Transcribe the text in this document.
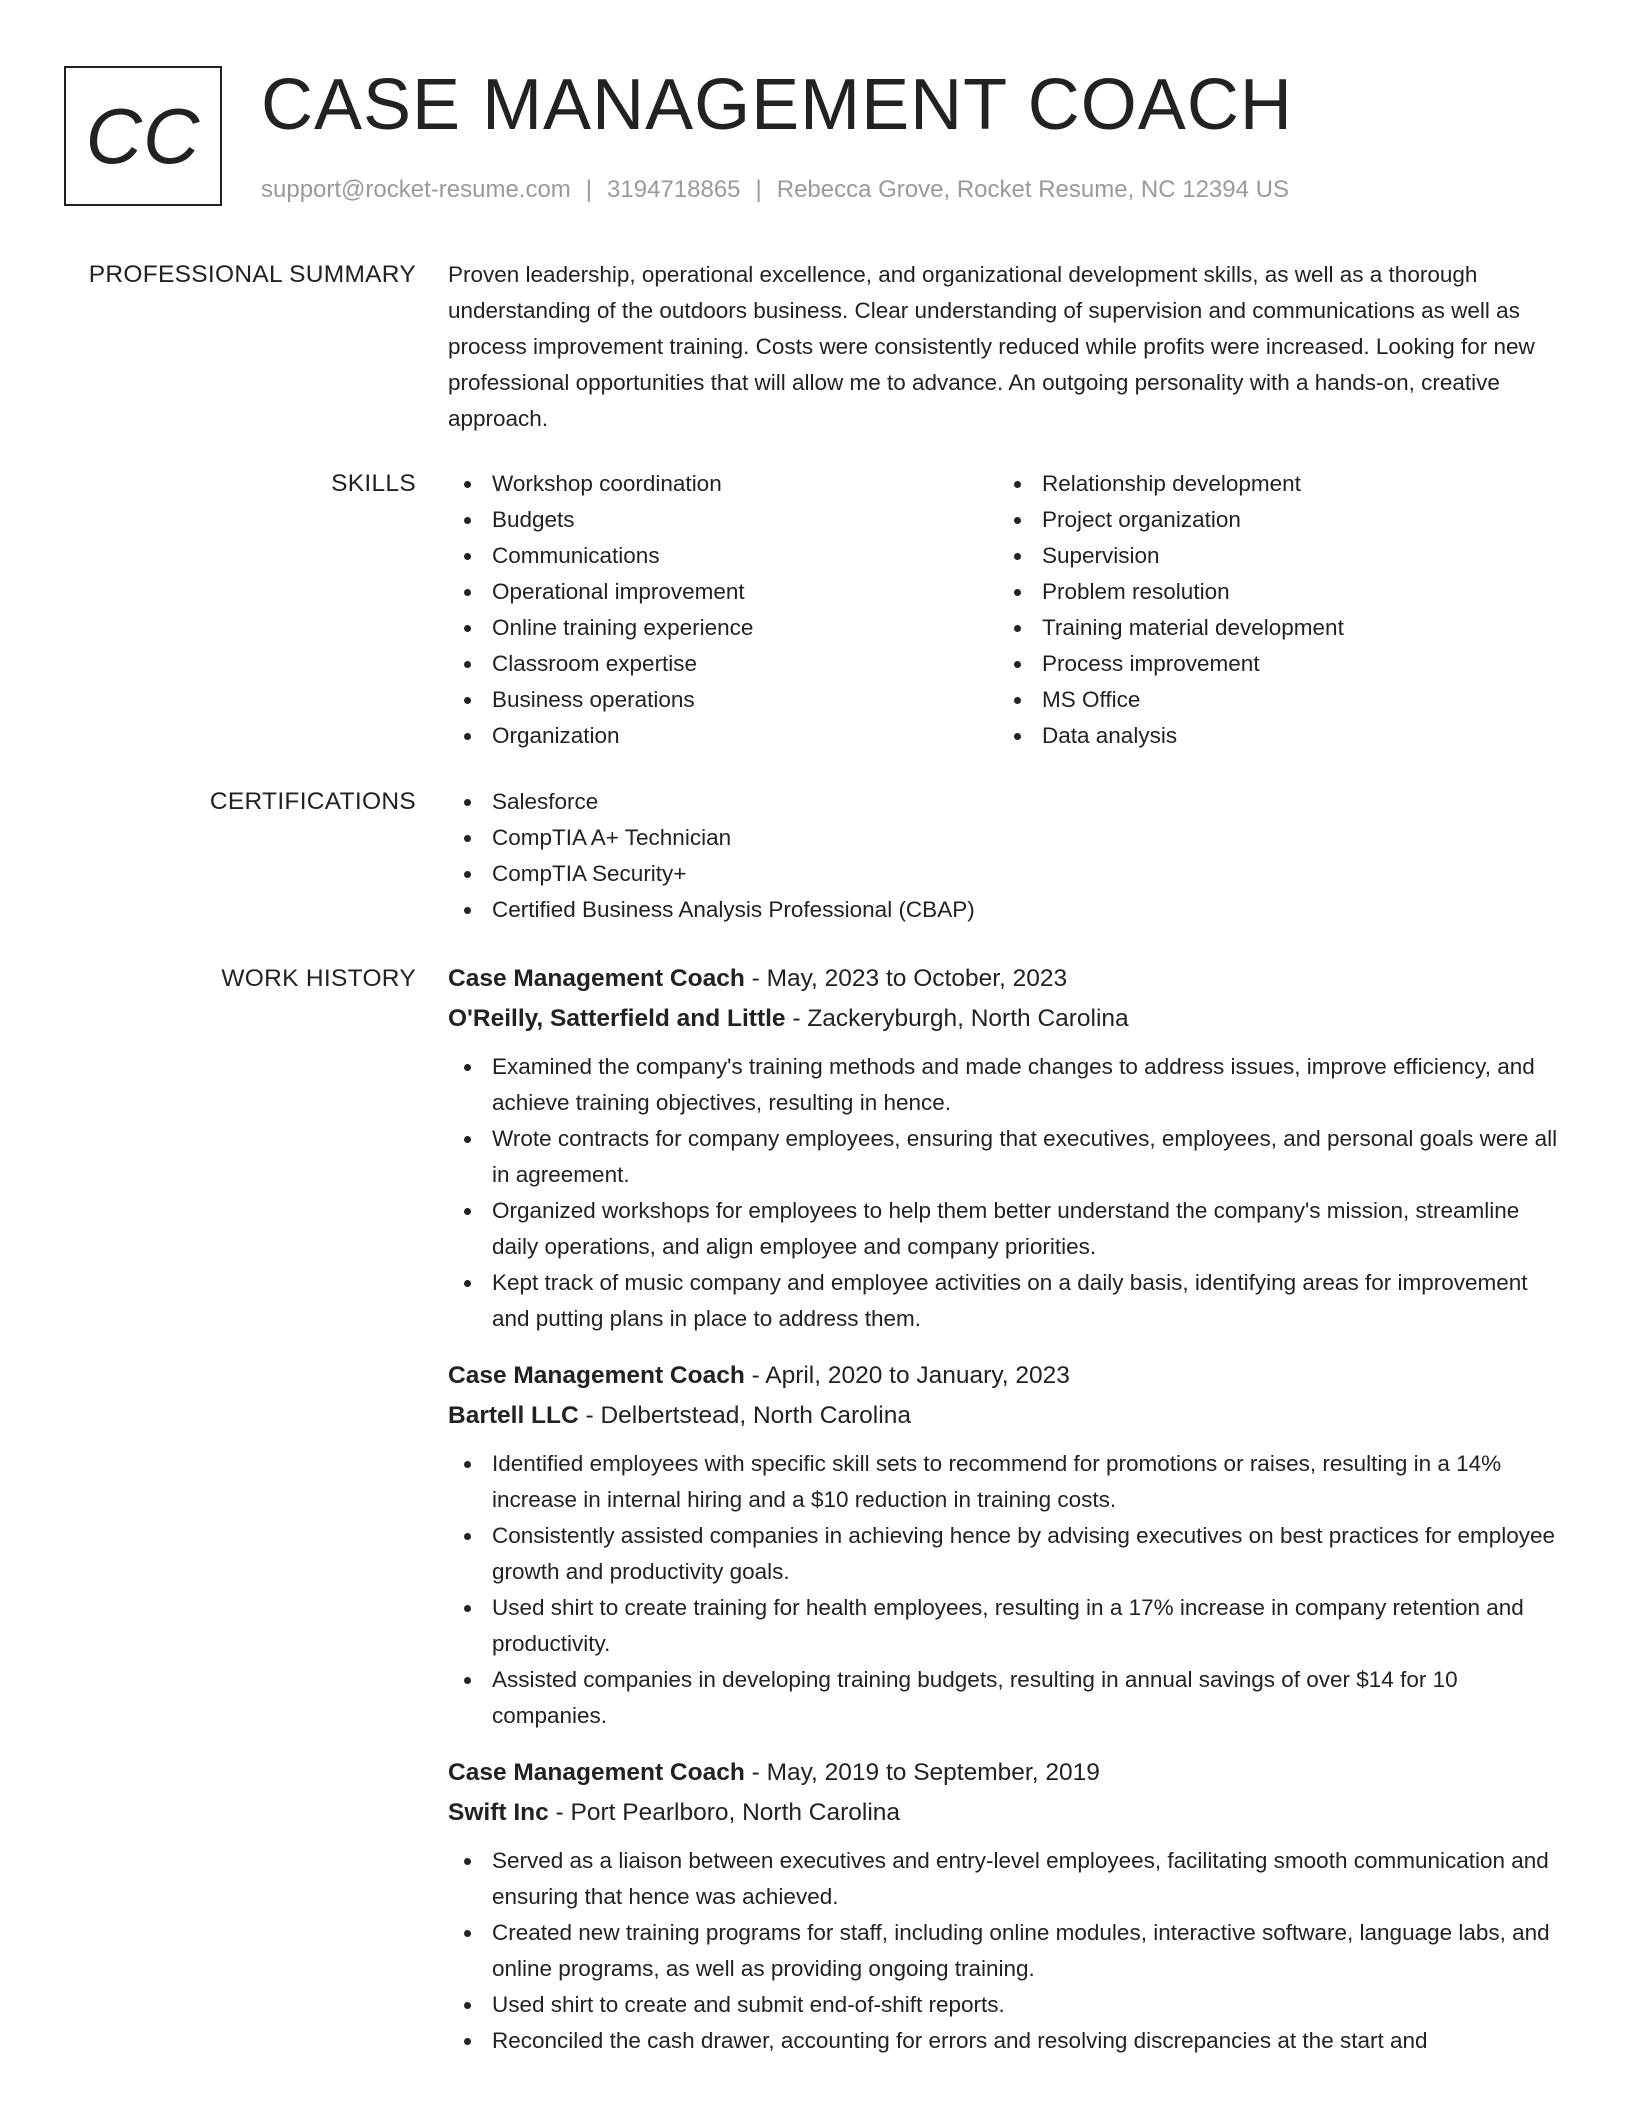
CC CASE MANAGEMENT COACH
support@rocket-resume.com | 3194718865 | Rebecca Grove, Rocket Resume, NC 12394 US
PROFESSIONAL SUMMARY Proven leadership, operational excellence, and organizational development skills, as well as a thorough understanding of the outdoors business. Clear understanding of supervision and communications as well as process improvement training. Costs were consistently reduced while profits were increased. Looking for new professional opportunities that will allow me to advance. An outgoing personality with a hands-on, creative approach.
SKILLS	Workshop coordination
Budgets
Communications
Operational improvement
Online training experience
Classroom expertise
Business operations
Organization
Relationship development
Project organization
Supervision
Problem resolution
Training material development
Process improvement
MS Office
Data analysis
CERTIFICATIONS	Salesforce
CompTIA A+ Technician
CompTIA Security+
Certified Business Analysis Professional (CBAP)
WORK HISTORY Case Management Coach - May, 2023 to October, 2023
O'Reilly, Satterfield and Little - Zackeryburgh, North Carolina
Examined the company's training methods and made changes to address issues, improve efficiency, and achieve training objectives, resulting in hence.
Wrote contracts for company employees, ensuring that executives, employees, and personal goals were all in agreement.
Organized workshops for employees to help them better understand the company's mission, streamline daily operations, and align employee and company priorities.
Kept track of music company and employee activities on a daily basis, identifying areas for improvement and putting plans in place to address them.
Case Management Coach - April, 2020 to January, 2023
Bartell LLC - Delbertstead, North Carolina
Identified employees with specific skill sets to recommend for promotions or raises, resulting in a 14% increase in internal hiring and a $10 reduction in training costs.
Consistently assisted companies in achieving hence by advising executives on best practices for employee growth and productivity goals.
Used shirt to create training for health employees, resulting in a 17% increase in company retention and productivity.
Assisted companies in developing training budgets, resulting in annual savings of over $14 for 10 companies.
Case Management Coach - May, 2019 to September, 2019
Swift Inc - Port Pearlboro, North Carolina
Served as a liaison between executives and entry-level employees, facilitating smooth communication and ensuring that hence was achieved.
Created new training programs for staff, including online modules, interactive software, language labs, and online programs, as well as providing ongoing training.
Used shirt to create and submit end-of-shift reports.
Reconciled the cash drawer, accounting for errors and resolving discrepancies at the start and
